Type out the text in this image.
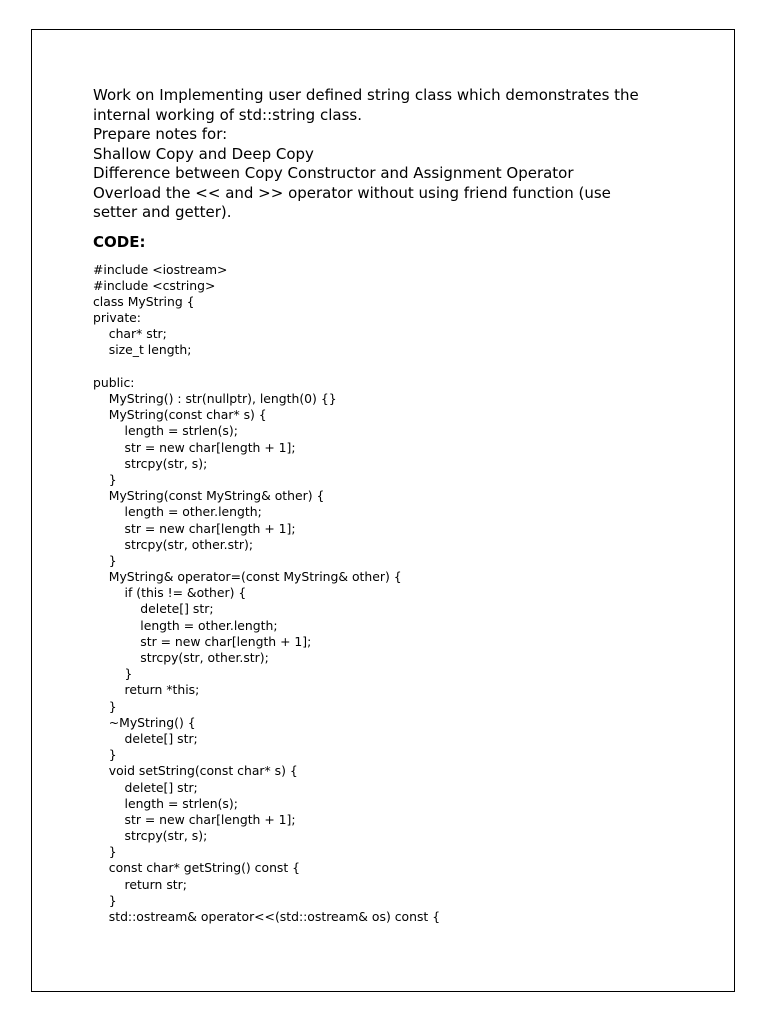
Work on Implementing user defined string class which demonstrates the

internal working of std::string class.

Prepare notes for:

Shallow Copy and Deep Copy

Difference between Copy Constructor and Assignment Operator

Overload the << and >> operator without using friend function (use

setter and getter).

CODE:

#include <iostream>

#include <cstring>

class MyString {

private:

char* str;

size_t length;

public:

MyString() : str(nullptr), length(0) {}

MyString(const char* s) {

length = strlen(s);

str = new char[length + 1];

strcpy(str, s);

}

MyString(const MyString& other) {

length = other.length;

str = new char[length + 1];

strcpy(str, other.str);

}

MyString& operator=(const MyString& other) {

if (this != &other) {

delete[] str;

length = other.length;

str = new char[length + 1];

strcpy(str, other.str);

}

return *this;

}

~MyString() {

delete[] str;

}

void setString(const char* s) {

delete[] str;

length = strlen(s);

str = new char[length + 1];

strcpy(str, s);

}

const char* getString() const {

return str;

}

std::ostream& operator<<(std::ostream& os) const {
